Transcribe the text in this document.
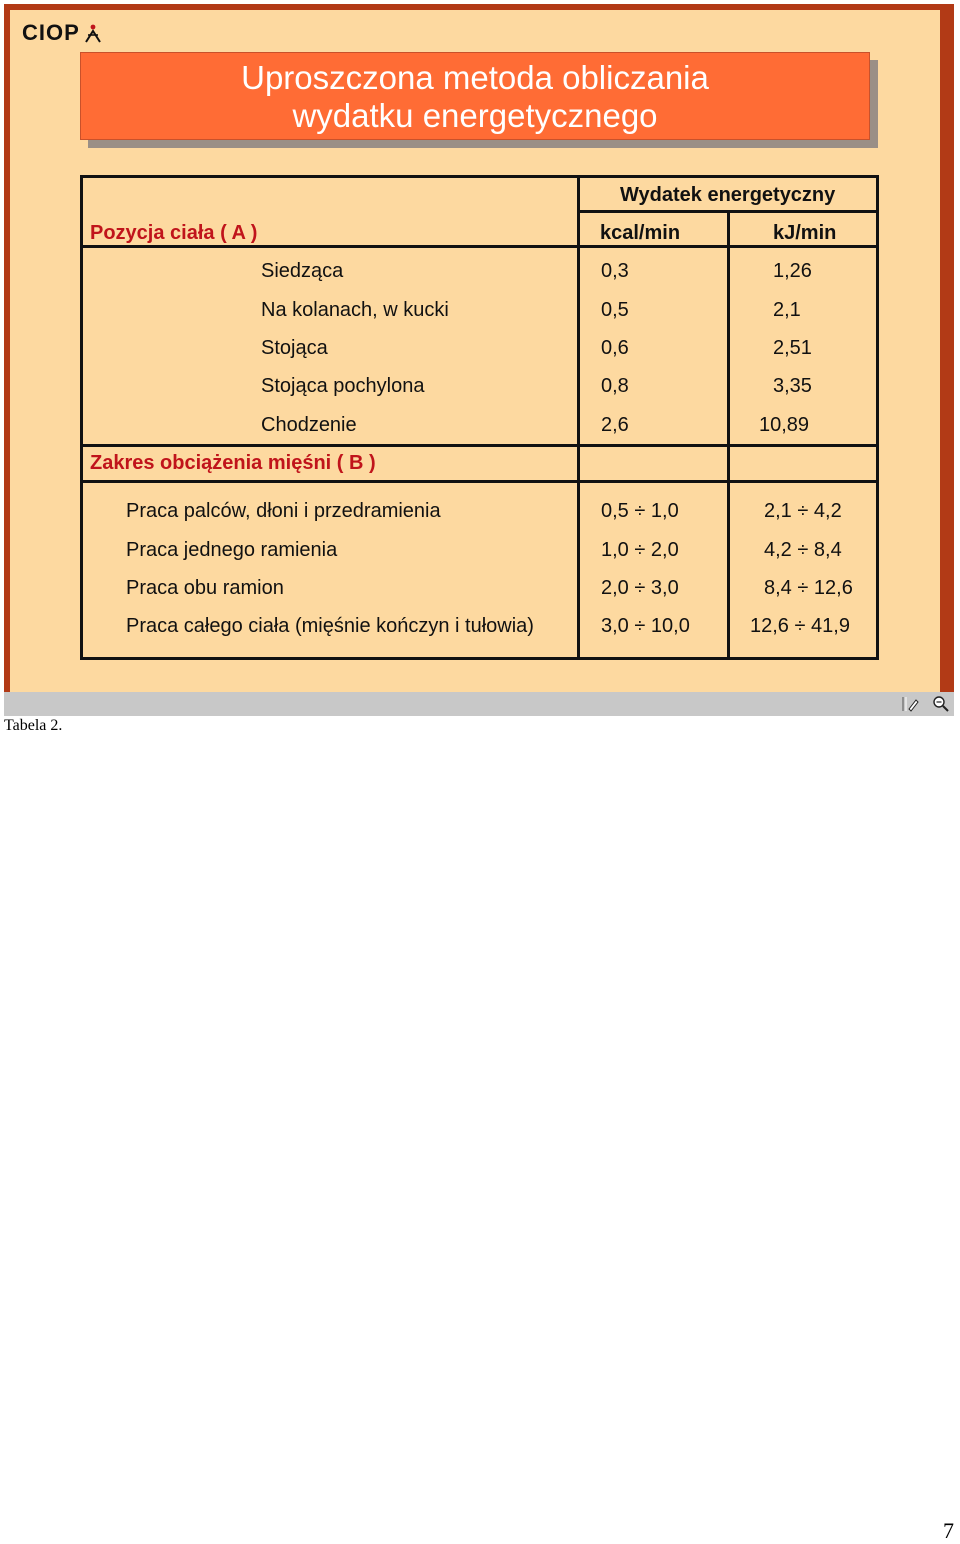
CIOP
Uproszczona metoda obliczania
wydatku energetycznego
Wydatek energetyczny
Pozycja ciała ( A )	kcal/min	kJ/min
Siedząca	0,3	1,26
Na kolanach, w kucki	0,5	2,1
Stojąca	0,6	2,51
Stojąca pochylona	0,8	3,35
Chodzenie	2,6	10,89
Zakres obciążenia mięśni ( B )
Praca palców, dłoni i przedramienia	0,5 ÷ 1,0	2,1 ÷ 4,2
Praca jednego ramienia	1,0 ÷ 2,0	4,2 ÷ 8,4
Praca obu ramion	2,0 ÷ 3,0	8,4 ÷ 12,6
Praca całego ciała (mięśnie kończyn i tułowia)	3,0 ÷ 10,0	12,6 ÷ 41,9
Tabela 2.
7
